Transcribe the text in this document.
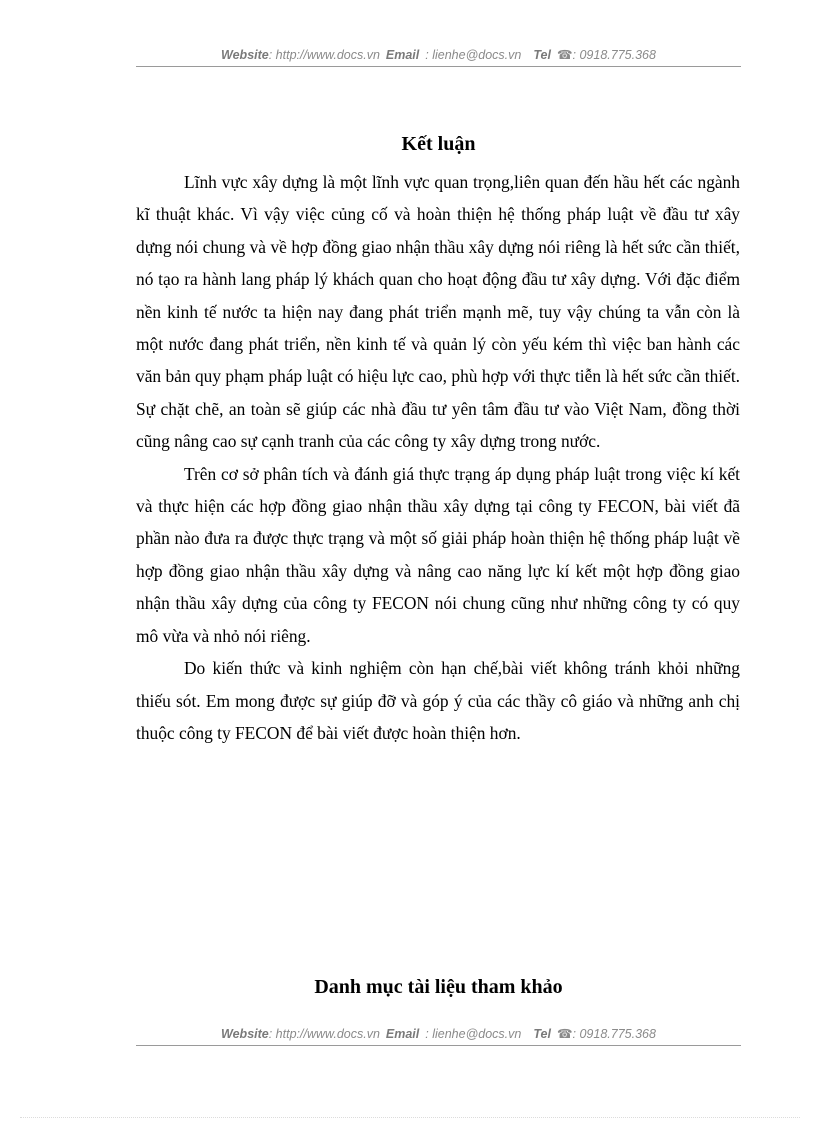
Website: http://www.docs.vn Email : lienhe@docs.vn Tel ☎: 0918.775.368
Kết luận

Lĩnh vực xây dựng là một lĩnh vực quan trọng,liên quan đến hầu hết các ngành kĩ thuật khác. Vì vậy việc củng cố và hoàn thiện hệ thống pháp luật về đầu tư xây dựng nói chung và về hợp đồng giao nhận thầu xây dựng nói riêng là hết sức cần thiết, nó tạo ra hành lang pháp lý khách quan cho hoạt động đầu tư xây dựng. Với đặc điểm nền kinh tế nước ta hiện nay đang phát triển mạnh mẽ, tuy vậy chúng ta vẫn còn là một nước đang phát triển, nền kinh tế và quản lý còn yếu kém thì việc ban hành các văn bản quy phạm pháp luật có hiệu lực cao, phù hợp với thực tiễn là hết sức cần thiết. Sự chặt chẽ, an toàn sẽ giúp các nhà đầu tư yên tâm đầu tư vào Việt Nam, đồng thời cũng nâng cao sự cạnh tranh của các công ty xây dựng trong nước.

Trên cơ sở phân tích và đánh giá thực trạng áp dụng pháp luật trong việc kí kết và thực hiện các hợp đồng giao nhận thầu xây dựng tại công ty FECON, bài viết đã phần nào đưa ra được thực trạng và một số giải pháp hoàn thiện hệ thống pháp luật về hợp đồng giao nhận thầu xây dựng và nâng cao năng lực kí kết một hợp đồng giao nhận thầu xây dựng của công ty FECON nói chung cũng như những công ty có quy mô vừa và nhỏ nói riêng.

Do kiến thức và kinh nghiệm còn hạn chế,bài viết không tránh khỏi những thiếu sót. Em mong được sự giúp đỡ và góp ý của các thầy cô giáo và những anh chị thuộc công ty FECON để bài viết được hoàn thiện hơn.

Danh mục tài liệu tham khảo
Website: http://www.docs.vn Email : lienhe@docs.vn Tel ☎: 0918.775.368
